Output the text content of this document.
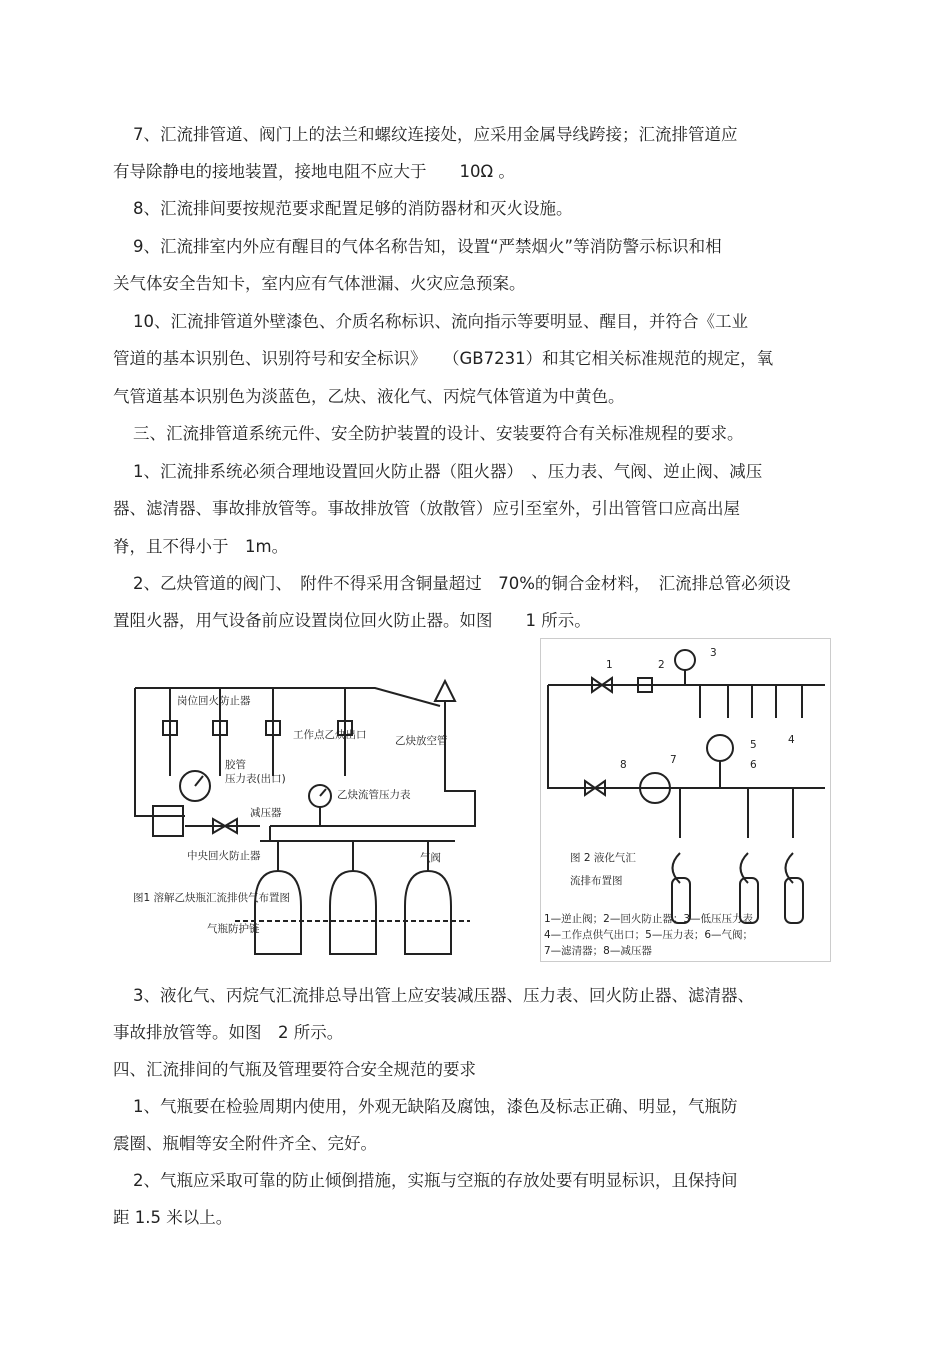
7、汇流排管道、阀门上的法兰和螺纹连接处，应采用金属导线跨接；汇流排管道应
有导除静电的接地装置，接地电阻不应大于　　10Ω 。
8、汇流排间要按规范要求配置足够的消防器材和灭火设施。
9、汇流排室内外应有醒目的气体名称告知，设置“严禁烟火”等消防警示标识和相
关气体安全告知卡，室内应有气体泄漏、火灾应急预案。
10、汇流排管道外壁漆色、介质名称标识、流向指示等要明显、醒目，并符合《工业
管道的基本识别色、识别符号和安全标识》　　（GB7231）和其它相关标准规范的规定，氧
气管道基本识别色为淡蓝色，乙炔、液化气、丙烷气体管道为中黄色。
三、汇流排管道系统元件、安全防护装置的设计、安装要符合有关标准规程的要求。
1、汇流排系统必须合理地设置回火防止器（阻火器）　、压力表、气阀、逆止阀、减压
器、滤清器、事故排放管等。事故排放管（放散管）应引至室外，引出管管口应高出屋
脊，且不得小于　1m。
2、乙炔管道的阀门、　附件不得采用含铜量超过　70%的铜合金材料，　汇流排总管必须设
置阻火器，用气设备前应设置岗位回火防止器。如图　　1 所示。
岗位回火防止器
乙炔放空管
胶管
压力表(出口)
工作点乙炔出口
乙炔流管压力表
减压器
中央回火防止器	气阀
气瓶防护链
图1 溶解乙炔瓶汇流排供气布置图
1	2
3
4
5
6
7
8
图 2 液化气汇
流排布置图
1—逆止阀；2—回火防止器；3—低压压力表
4—工作点供气出口；5—压力表；6—气阀；
7—滤清器；8—减压器
3、液化气、丙烷气汇流排总导出管上应安装减压器、压力表、回火防止器、滤清器、
事故排放管等。如图　2 所示。
四、汇流排间的气瓶及管理要符合安全规范的要求
1、气瓶要在检验周期内使用，外观无缺陷及腐蚀，漆色及标志正确、明显，气瓶防
震圈、瓶帽等安全附件齐全、完好。
2、气瓶应采取可靠的防止倾倒措施，实瓶与空瓶的存放处要有明显标识，且保持间
距 1.5 米以上。
